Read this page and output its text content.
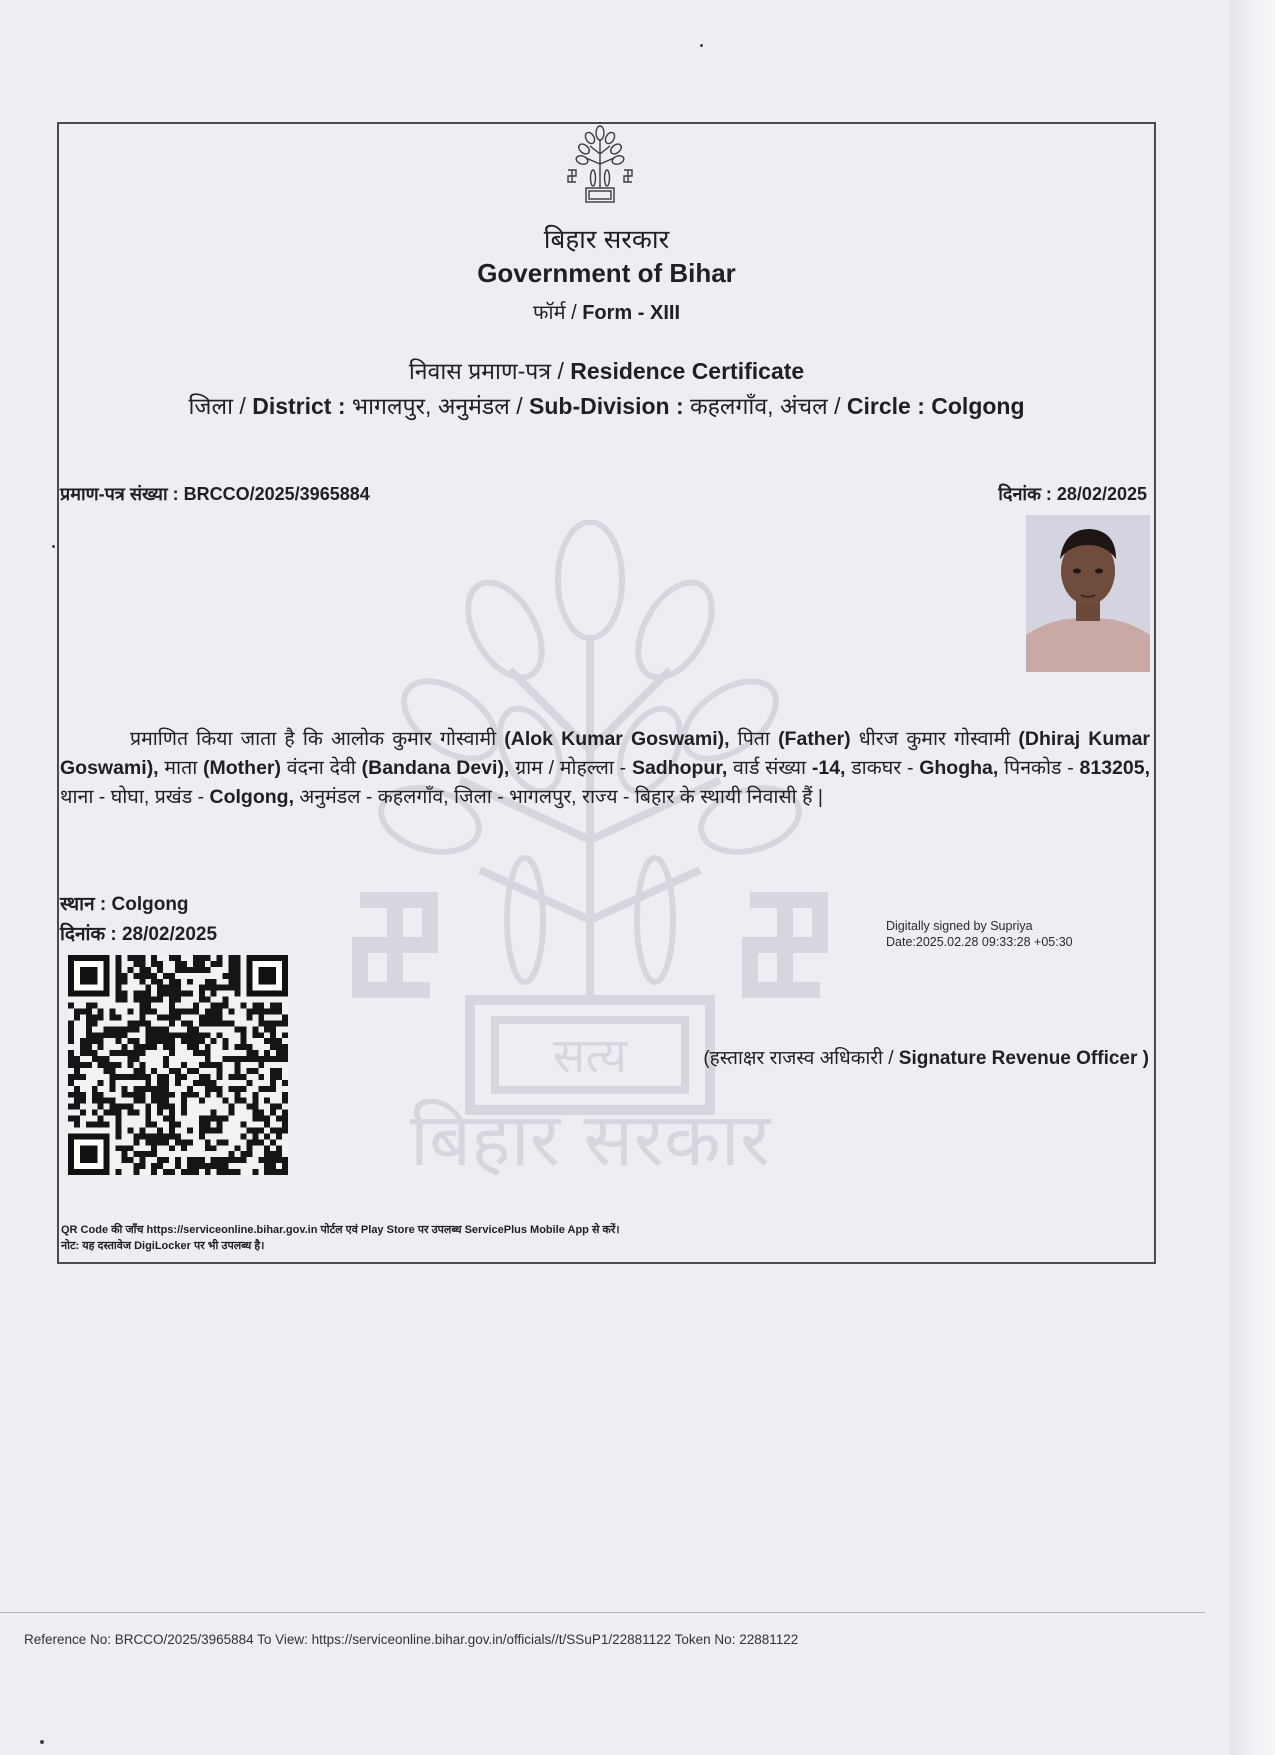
बिहार सरकार
Government of Bihar
फॉर्म / Form - XIII
निवास प्रमाण-पत्र / Residence Certificate
जिला / District : भागलपुर, अनुमंडल / Sub-Division : कहलगाँव, अंचल / Circle : Colgong
सत्य
बिहार सरकार
प्रमाण-पत्र संख्या : BRCCO/2025/3965884	दिनांक : 28/02/2025
प्रमाणित किया जाता है कि आलोक कुमार गोस्वामी (Alok Kumar Goswami), पिता (Father) धीरज कुमार गोस्वामी (Dhiraj Kumar Goswami), माता (Mother) वंदना देवी (Bandana Devi), ग्राम / मोहल्ला - Sadhopur, वार्ड संख्या -14, डाकघर - Ghogha, पिनकोड - 813205, थाना - घोघा, प्रखंड - Colgong, अनुमंडल - कहलगाँव, जिला - भागलपुर, राज्य - बिहार के स्थायी निवासी हैं |
स्थान : Colgong
दिनांक : 28/02/2025	Digitally signed by Supriya
Date:2025.02.28 09:33:28 +05:30
(हस्ताक्षर राजस्व अधिकारी / Signature Revenue Officer )
QR Code की जाँच https://serviceonline.bihar.gov.in पोर्टल एवं Play Store पर उपलब्ध ServicePlus Mobile App से करें।
नोट: यह दस्तावेज DigiLocker पर भी उपलब्ध है।
Reference No: BRCCO/2025/3965884 To View: https://serviceonline.bihar.gov.in/officials//t/SSuP1/22881122 Token No: 22881122
